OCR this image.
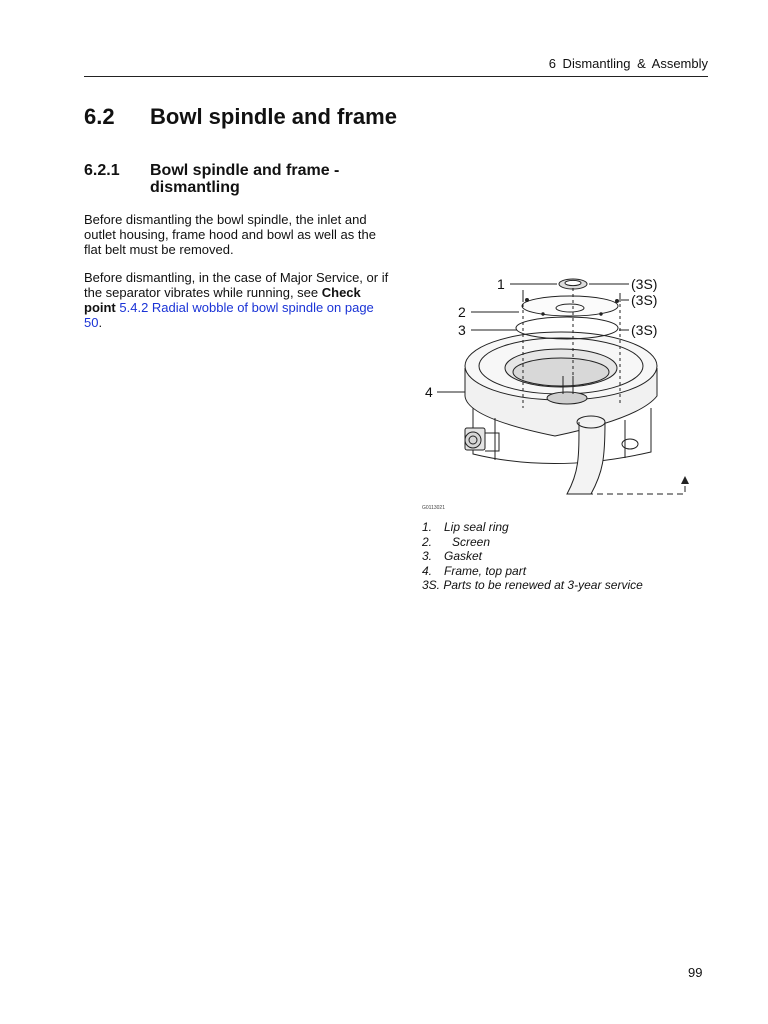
6 Dismantling & Assembly
6.2 Bowl spindle and frame
6.2.1 Bowl spindle and frame - dismantling

Before dismantling the bowl spindle, the inlet and outlet housing, frame hood and bowl as well as the flat belt must be removed.

Before dismantling, in the case of Major Service, or if the separator vibrates while running, see Check point 5.4.2 Radial wobble of bowl spindle on page 50.

1
2
3
4
(3S)
(3S)
(3S)
G0113021
1. Lip seal ring
2. Screen
3. Gasket
4. Frame, top part
3S. Parts to be renewed at 3-year service
99
